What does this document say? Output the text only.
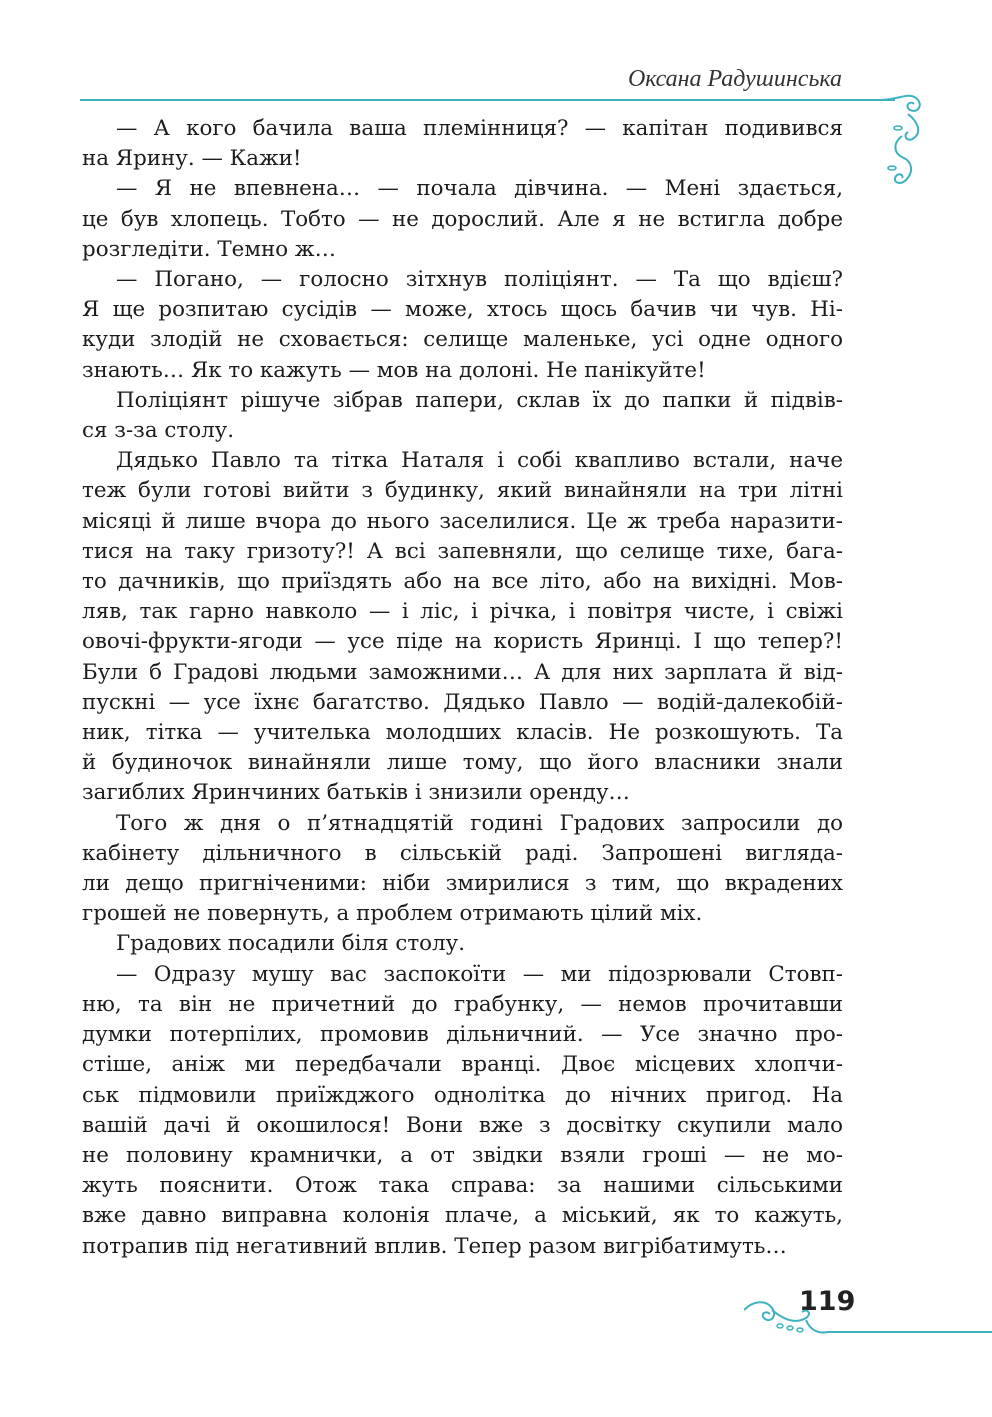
Оксана Радушинська
— А кого бачила ваша племінниця? — капітан подивився
на Ярину. — Кажи!
— Я не впевнена… — почала дівчина. — Мені здається,
це був хлопець. Тобто — не дорослий. Але я не встигла добре
розгледіти. Темно ж…
— Погано, — голосно зітхнув поліціянт. — Та що вдієш?
Я ще розпитаю сусідів — може, хтось щось бачив чи чув. Ні-
куди злодій не сховається: селище маленьке, усі одне одного
знають… Як то кажуть — мов на долоні. Не панікуйте!
Поліціянт рішуче зібрав папери, склав їх до папки й підвів-
ся з-за столу.
Дядько Павло та тітка Наталя і собі квапливо встали, наче
теж були готові вийти з будинку, який винайняли на три літні
місяці й лише вчора до нього заселилися. Це ж треба наразити-
тися на таку гризоту?! А всі запевняли, що селище тихе, бага-
то дачників, що приїздять або на все літо, або на вихідні. Мов-
ляв, так гарно навколо — і ліс, і річка, і повітря чисте, і свіжі
овочі-фрукти-ягоди — усе піде на користь Яринці. І що тепер?!
Були б Градові людьми заможними… А для них зарплата й від-
пускні — усе їхнє багатство. Дядько Павло — водій-далекобій-
ник, тітка — учителька молодших класів. Не розкошують. Та
й будиночок винайняли лише тому, що його власники знали
загиблих Яринчиних батьків і знизили оренду…
Того ж дня о п’ятнадцятій годині Градових запросили до
кабінету дільничного в сільській раді. Запрошені вигляда-
ли дещо пригніченими: ніби змирилися з тим, що вкрадених
грошей не повернуть, а проблем отримають цілий міх.
Градових посадили біля столу.
— Одразу мушу вас заспокоїти — ми підозрювали Стовп-
ню, та він не причетний до грабунку, — немов прочитавши
думки потерпілих, промовив дільничний. — Усе значно про-
стіше, аніж ми передбачали вранці. Двоє місцевих хлопчи-
ськ підмовили приїжджого однолітка до нічних пригод. На
вашій дачі й окошилося! Вони вже з досвітку скупили мало
не половину крамнички, а от звідки взяли гроші — не мо-
жуть пояснити. Отож така справа: за нашими сільськими
вже давно виправна колонія плаче, а міський, як то кажуть,
потрапив під негативний вплив. Тепер разом вигрібатимуть…
119
